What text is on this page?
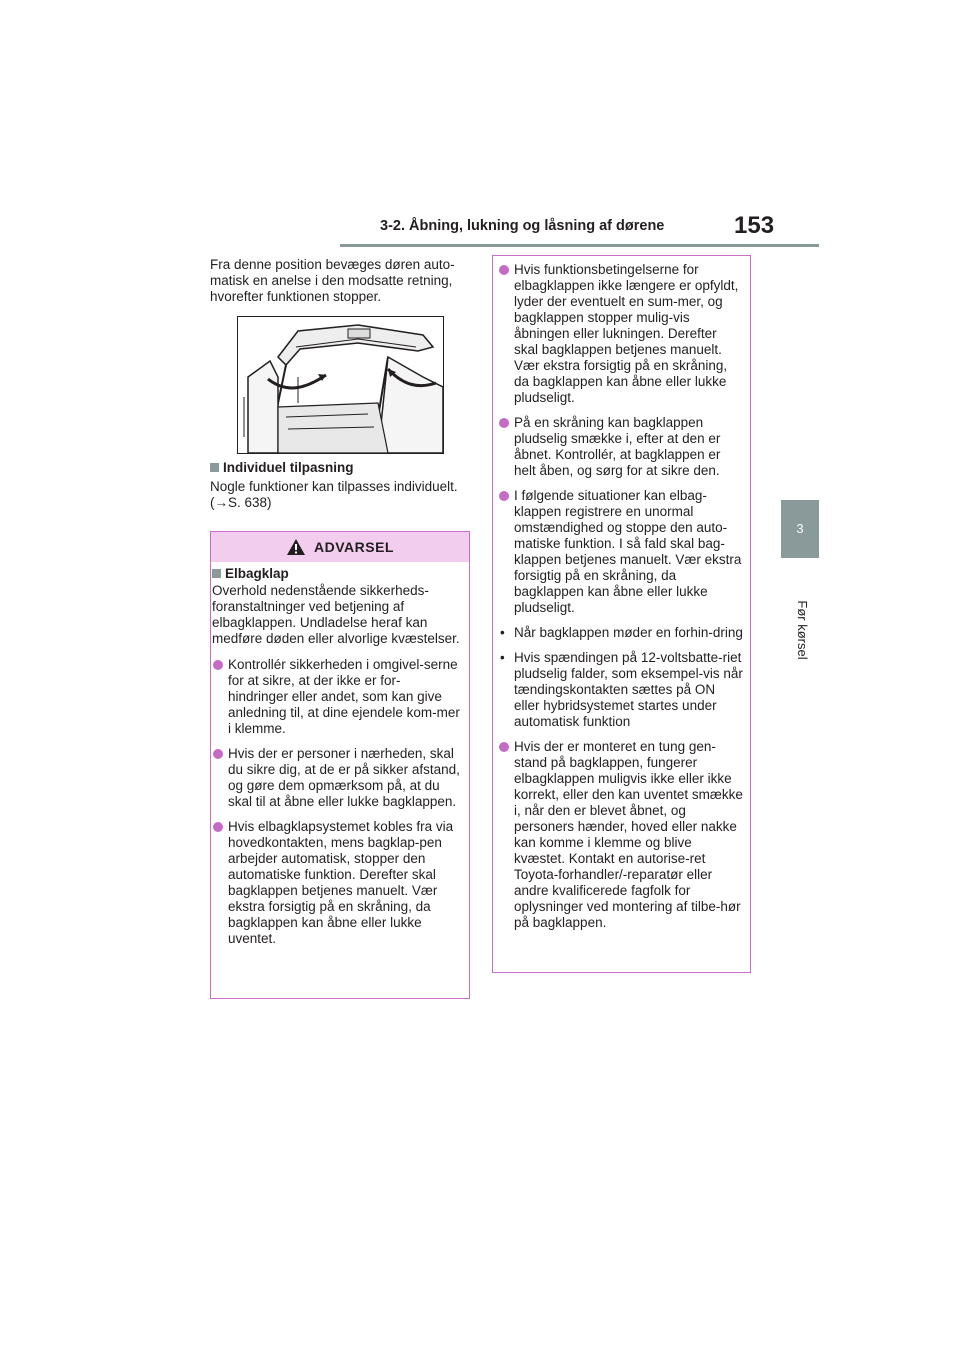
3-2. Åbning, lukning og låsning af dørene	153
3
Før kørsel

Fra denne position bevæges døren auto-matisk en anelse i den modsatte retning, hvorefter funktionen stopper.

Individuel tilpasning
Nogle funktioner kan tilpasses individuelt. (→S. 638)
ADVARSEL
Elbagklap

Overhold nedenstående sikkerheds-foranstaltninger ved betjening af elbagklappen. Undladelse heraf kan medføre døden eller alvorlige kvæstelser.

Kontrollér sikkerheden i omgivel-serne for at sikre, at der ikke er for-hindringer eller andet, som kan give anledning til, at dine ejendele kom-mer i klemme.
Hvis der er personer i nærheden, skal du sikre dig, at de er på sikker afstand, og gøre dem opmærksom på, at du skal til at åbne eller lukke bagklappen.
Hvis elbagklapsystemet kobles fra via hovedkontakten, mens bagklap-pen arbejder automatisk, stopper den automatiske funktion. Derefter skal bagklappen betjenes manuelt. Vær ekstra forsigtig på en skråning, da bagklappen kan åbne eller lukke uventet.
Hvis funktionsbetingelserne for elbagklappen ikke længere er opfyldt, lyder der eventuelt en sum-mer, og bagklappen stopper mulig-vis åbningen eller lukningen. Derefter skal bagklappen betjenes manuelt. Vær ekstra forsigtig på en skråning, da bagklappen kan åbne eller lukke pludseligt.
På en skråning kan bagklappen pludselig smække i, efter at den er åbnet. Kontrollér, at bagklappen er helt åben, og sørg for at sikre den.
I følgende situationer kan elbag-klappen registrere en unormal omstændighed og stoppe den auto-matiske funktion. I så fald skal bag-klappen betjenes manuelt. Vær ekstra forsigtig på en skråning, da bagklappen kan åbne eller lukke pludseligt.
• Når bagklappen møder en forhin-dring
• Hvis spændingen på 12-voltsbatte-riet pludselig falder, som eksempel-vis når tændingskontakten sættes på ON eller hybridsystemet startes under automatisk funktion
Hvis der er monteret en tung gen-stand på bagklappen, fungerer elbagklappen muligvis ikke eller ikke korrekt, eller den kan uventet smække i, når den er blevet åbnet, og personers hænder, hoved eller nakke kan komme i klemme og blive kvæstet. Kontakt en autorise-ret Toyota-forhandler/-reparatør eller andre kvalificerede fagfolk for oplysninger ved montering af tilbe-hør på bagklappen.
